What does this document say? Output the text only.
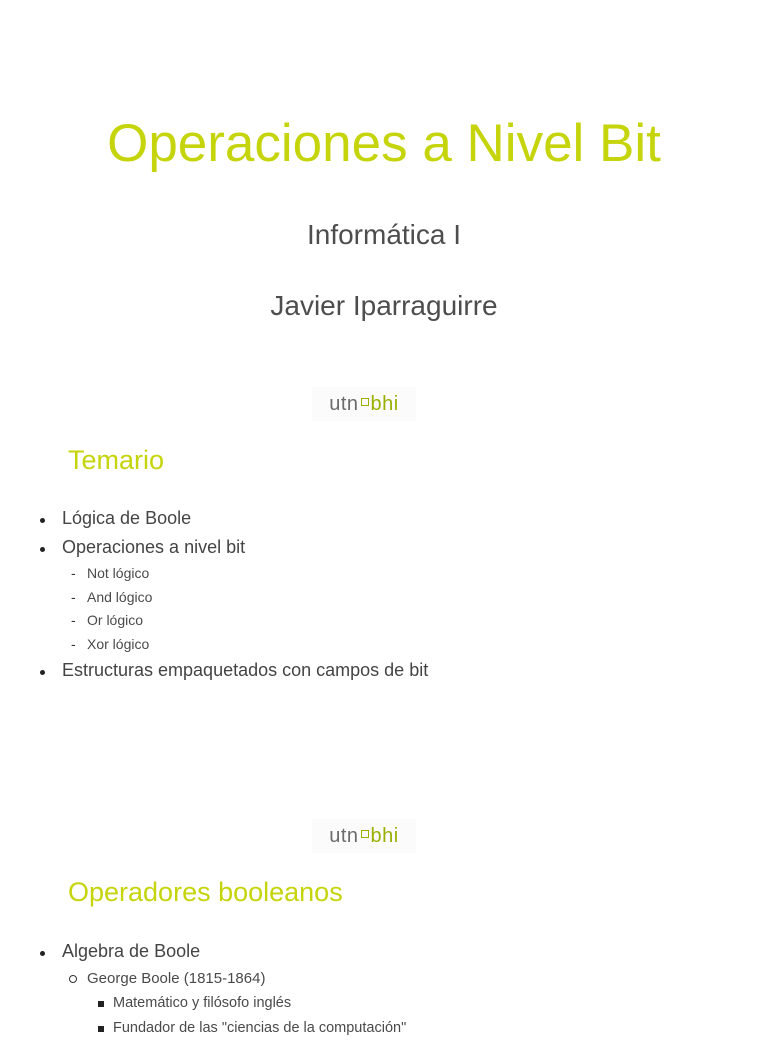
Operaciones a Nivel Bit
Informática I
Javier Iparraguirre
utn bhi
Temario
Lógica de Boole
Operaciones a nivel bit
- Not lógico
- And lógico
- Or lógico
- Xor lógico
Estructuras empaquetados con campos de bit
utn bhi
Operadores booleanos
Algebra de Boole
George Boole (1815-1864)
Matemático y filósofo inglés
Fundador de las "ciencias de la computación"
